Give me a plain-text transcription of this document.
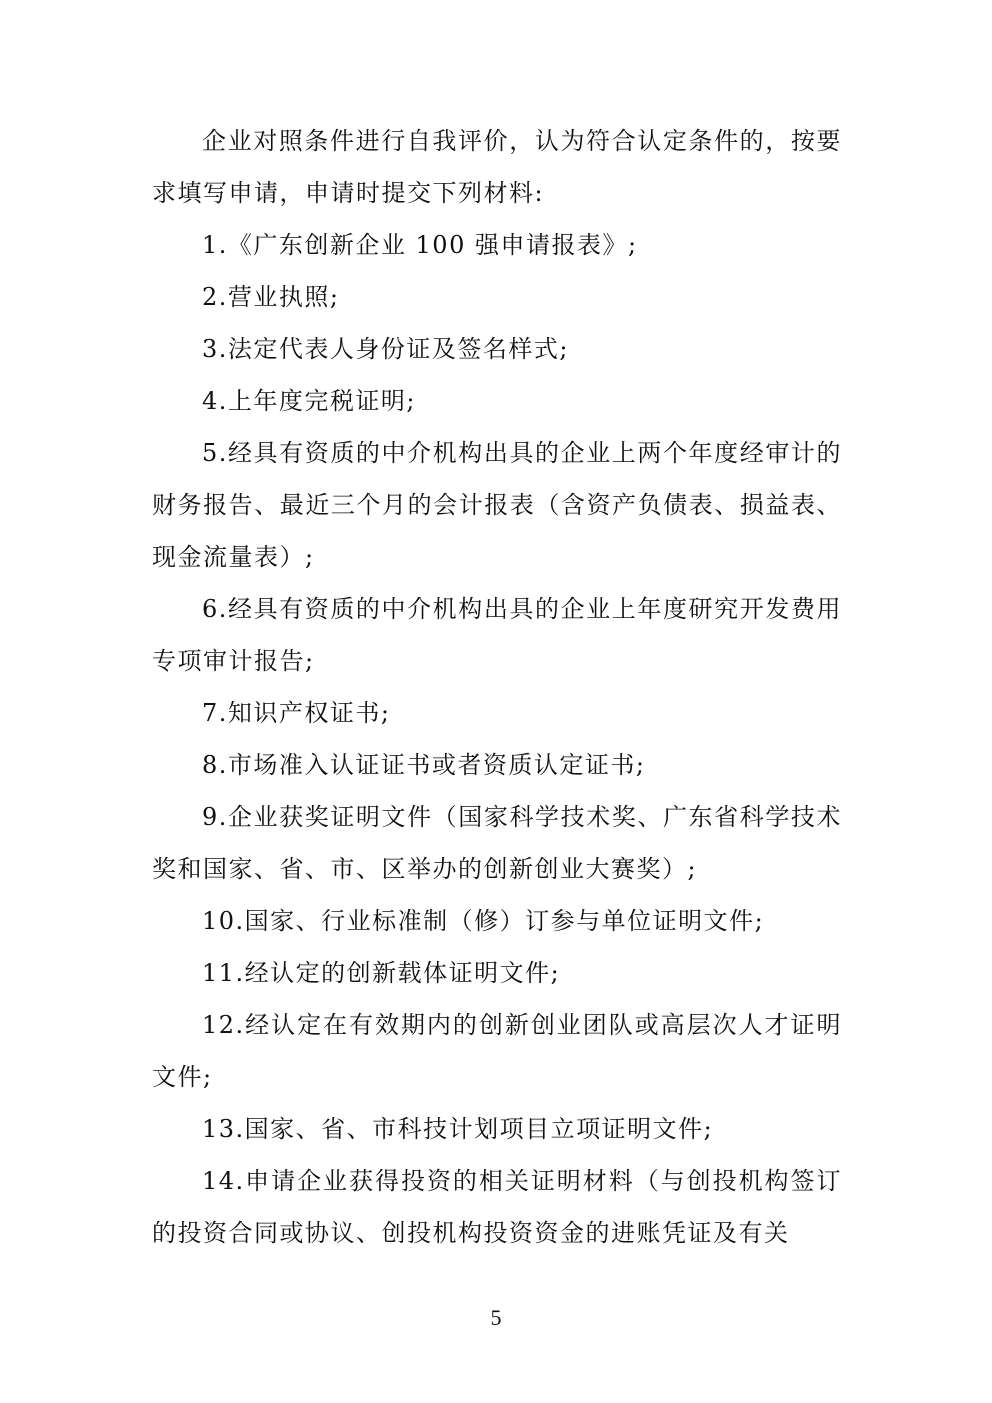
企业对照条件进行自我评价，认为符合认定条件的，按要求填写申请，申请时提交下列材料:

1.《广东创新企业 100 强申请报表》;

2.营业执照;

3.法定代表人身份证及签名样式;

4.上年度完税证明;

5.经具有资质的中介机构出具的企业上两个年度经审计的财务报告、最近三个月的会计报表（含资产负债表、损益表、现金流量表）;

6.经具有资质的中介机构出具的企业上年度研究开发费用专项审计报告;

7.知识产权证书;

8.市场准入认证证书或者资质认定证书;

9.企业获奖证明文件（国家科学技术奖、广东省科学技术奖和国家、省、市、区举办的创新创业大赛奖）;

10.国家、行业标准制（修）订参与单位证明文件;

11.经认定的创新载体证明文件;

12.经认定在有效期内的创新创业团队或高层次人才证明文件;

13.国家、省、市科技计划项目立项证明文件;

14.申请企业获得投资的相关证明材料（与创投机构签订的投资合同或协议、创投机构投资资金的进账凭证及有关

5
